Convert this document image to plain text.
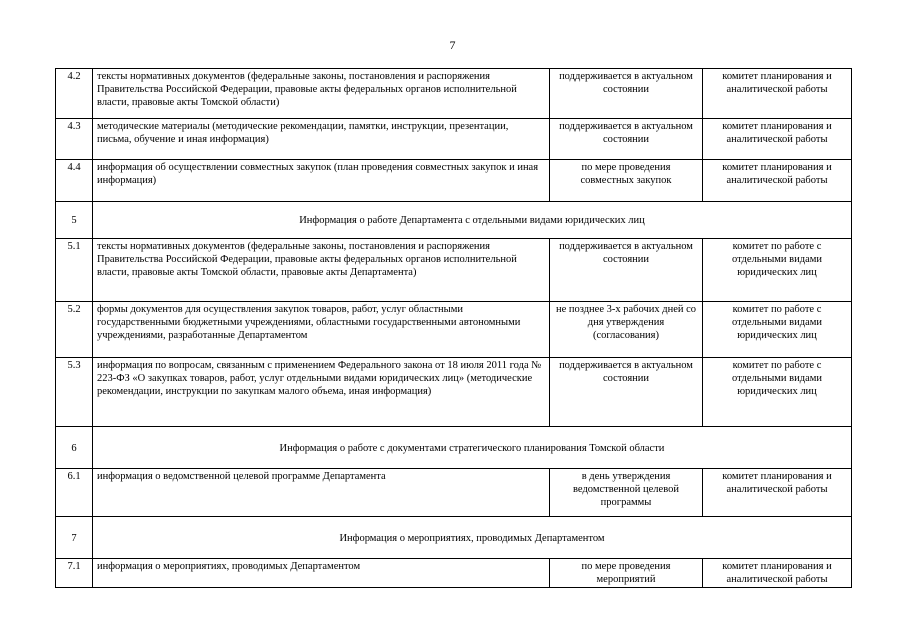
7
4.2	тексты нормативных документов (федеральные законы, постановления и распоряжения Правительства Российской Федерации, правовые акты федеральных органов исполнительной власти, правовые акты Томской области)	поддерживается в актуальном состоянии	комитет планирования и аналитической работы
4.3	методические материалы (методические рекомендации, памятки, инструкции, презентации, письма, обучение и иная информация)	поддерживается в актуальном состоянии	комитет планирования и аналитической работы
4.4	информация об осуществлении совместных закупок (план проведения совместных закупок и иная информация)	по мере проведения совместных закупок	комитет планирования и аналитической работы
5	Информация о работе Департамента с отдельными видами юридических лиц		
5.1	тексты нормативных документов (федеральные законы, постановления и распоряжения Правительства Российской Федерации, правовые акты федеральных органов исполнительной власти, правовые акты Томской области, правовые акты Департамента)	поддерживается в актуальном состоянии	комитет по работе с отдельными видами юридических лиц
5.2	формы документов для осуществления закупок товаров, работ, услуг областными государственными бюджетными учреждениями, областными государственными автономными учреждениями, разработанные Департаментом	не позднее 3-х рабочих дней со дня утверждения (согласования)	комитет по работе с отдельными видами юридических лиц
5.3	информация по вопросам, связанным с применением Федерального закона от 18 июля 2011 года № 223-ФЗ «О закупках товаров, работ, услуг отдельными видами юридических лиц» (методические рекомендации, инструкции по закупкам малого объема, иная информация)	поддерживается в актуальном состоянии	комитет по работе с отдельными видами юридических лиц
6	Информация о работе с документами стратегического планирования Томской области		
6.1	информация о ведомственной целевой программе Департамента	в день утверждения ведомственной целевой программы	комитет планирования и аналитической работы
7	Информация о мероприятиях, проводимых Департаментом		
7.1	информация о мероприятиях, проводимых Департаментом	по мере проведения мероприятий	комитет планирования и аналитической работы
